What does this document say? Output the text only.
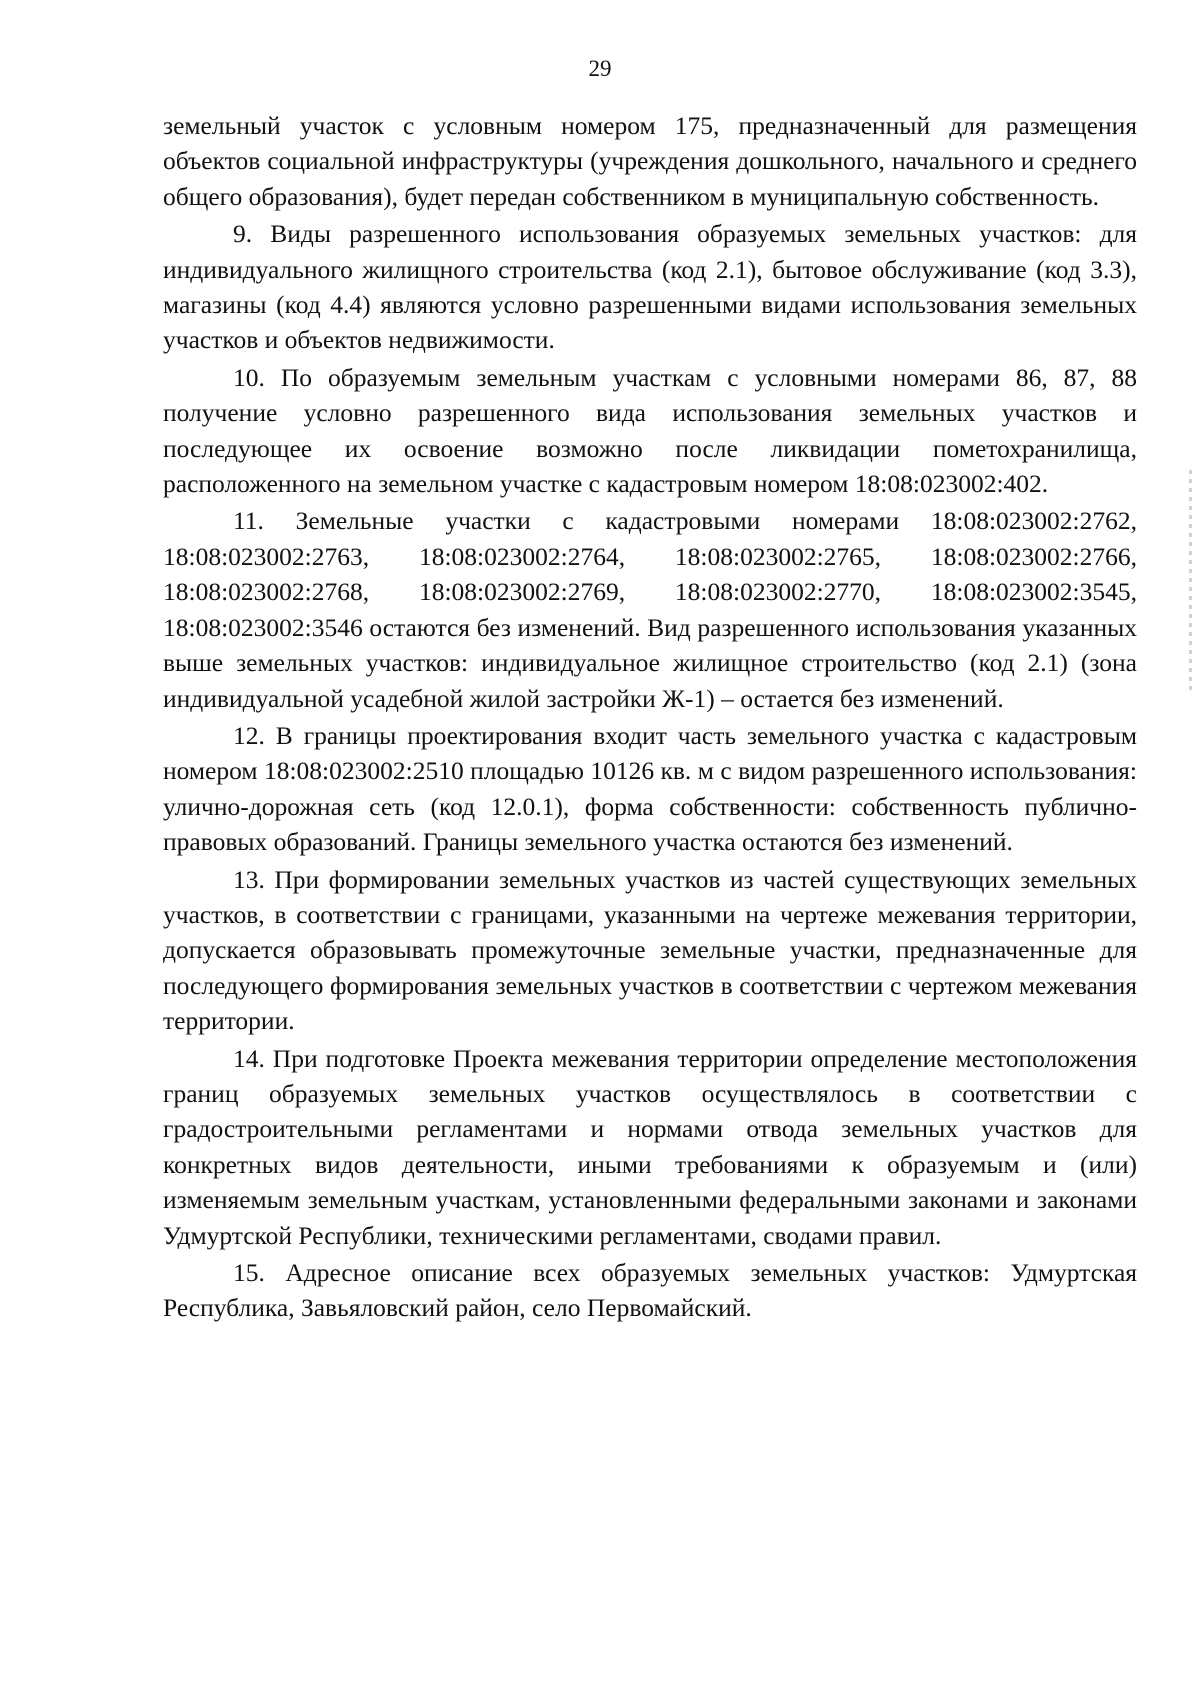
29

земельный участок с условным номером 175, предназначенный для размещения объектов социальной инфраструктуры (учреждения дошкольного, начального и среднего общего образования), будет передан собственником в муниципальную собственность.

9. Виды разрешенного использования образуемых земельных участков: для индивидуального жилищного строительства (код 2.1), бытовое обслуживание (код 3.3), магазины (код 4.4) являются условно разрешенными видами использования земельных участков и объектов недвижимости.

10. По образуемым земельным участкам с условными номерами 86, 87, 88 получение условно разрешенного вида использования земельных участков и последующее их освоение возможно после ликвидации пометохранилища, расположенного на земельном участке с кадастровым номером 18:08:023002:402.

11. Земельные участки с кадастровыми номерами 18:08:023002:2762, 18:08:023002:2763, 18:08:023002:2764, 18:08:023002:2765, 18:08:023002:2766, 18:08:023002:2768, 18:08:023002:2769, 18:08:023002:2770, 18:08:023002:3545, 18:08:023002:3546 остаются без изменений. Вид разрешенного использования указанных выше земельных участков: индивидуальное жилищное строительство (код 2.1) (зона индивидуальной усадебной жилой застройки Ж-1) – остается без изменений.

12. В границы проектирования входит часть земельного участка с кадастровым номером 18:08:023002:2510 площадью 10126 кв. м с видом разрешенного использования: улично-дорожная сеть (код 12.0.1), форма собственности: собственность публично-правовых образований. Границы земельного участка остаются без изменений.

13. При формировании земельных участков из частей существующих земельных участков, в соответствии с границами, указанными на чертеже межевания территории, допускается образовывать промежуточные земельные участки, предназначенные для последующего формирования земельных участков в соответствии с чертежом межевания территории.

14. При подготовке Проекта межевания территории определение местоположения границ образуемых земельных участков осуществлялось в соответствии с градостроительными регламентами и нормами отвода земельных участков для конкретных видов деятельности, иными требованиями к образуемым и (или) изменяемым земельным участкам, установленными федеральными законами и законами Удмуртской Республики, техническими регламентами, сводами правил.

15. Адресное описание всех образуемых земельных участков: Удмуртская Республика, Завьяловский район, село Первомайский.
